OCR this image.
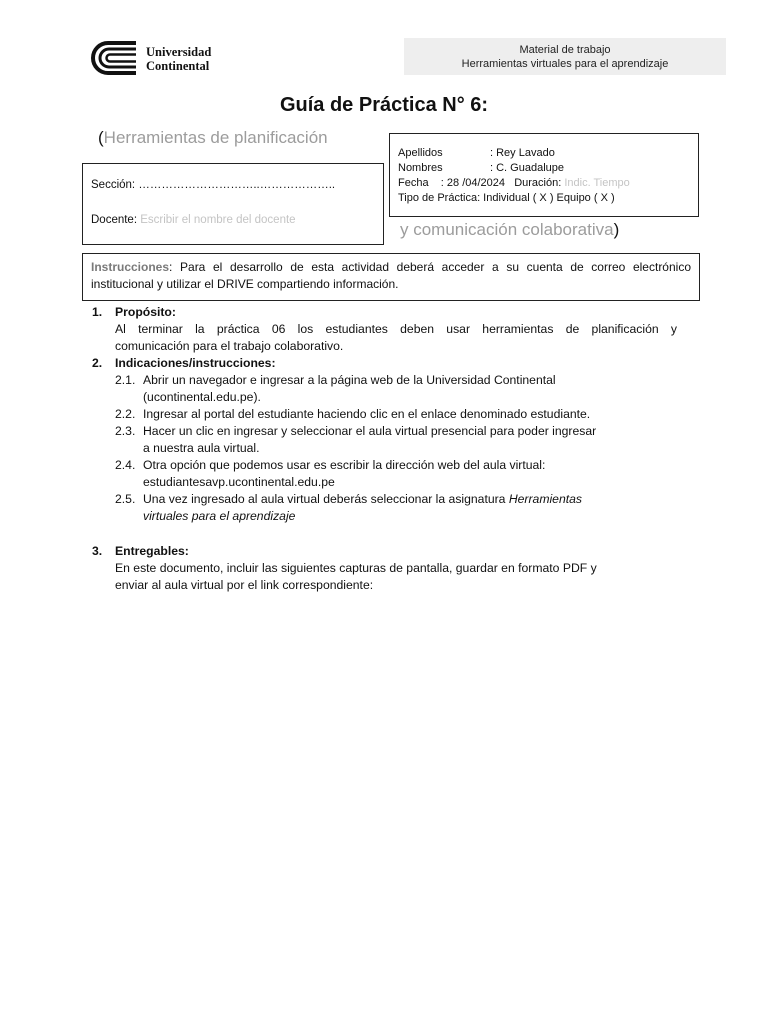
Universidad
Continental
Material de trabajo
Herramientas virtuales para el aprendizaje
Guía de Práctica N° 6:
(Herramientas de planificación
y comunicación colaborativa)
Sección: …………………………..………………..
Docente: Escribir el nombre del docente
Apellidos	: Rey Lavado
Nombres	: C. Guadalupe
Fecha    : 28 /04/2024   Duración: Indic. Tiempo
Tipo de Práctica: Individual ( X ) Equipo ( X )
Instrucciones: Para el desarrollo de esta actividad deberá acceder a su cuenta de correo electrónico institucional y utilizar el DRIVE compartiendo información.
1. Propósito:
Al terminar la práctica 06 los estudiantes deben usar herramientas de planificación y
comunicación para el trabajo colaborativo.
2. Indicaciones/instrucciones:
2.1. Abrir un navegador e ingresar a la página web de la Universidad Continental
(ucontinental.edu.pe).
2.2. Ingresar al portal del estudiante haciendo clic en el enlace denominado estudiante.
2.3. Hacer un clic en ingresar y seleccionar el aula virtual presencial para poder ingresar
a nuestra aula virtual.
2.4. Otra opción que podemos usar es escribir la dirección web del aula virtual:
estudiantesavp.ucontinental.edu.pe
2.5. Una vez ingresado al aula virtual deberás seleccionar la asignatura Herramientas
virtuales para el aprendizaje
3. Entregables:
En este documento, incluir las siguientes capturas de pantalla, guardar en formato PDF y
enviar al aula virtual por el link correspondiente:
